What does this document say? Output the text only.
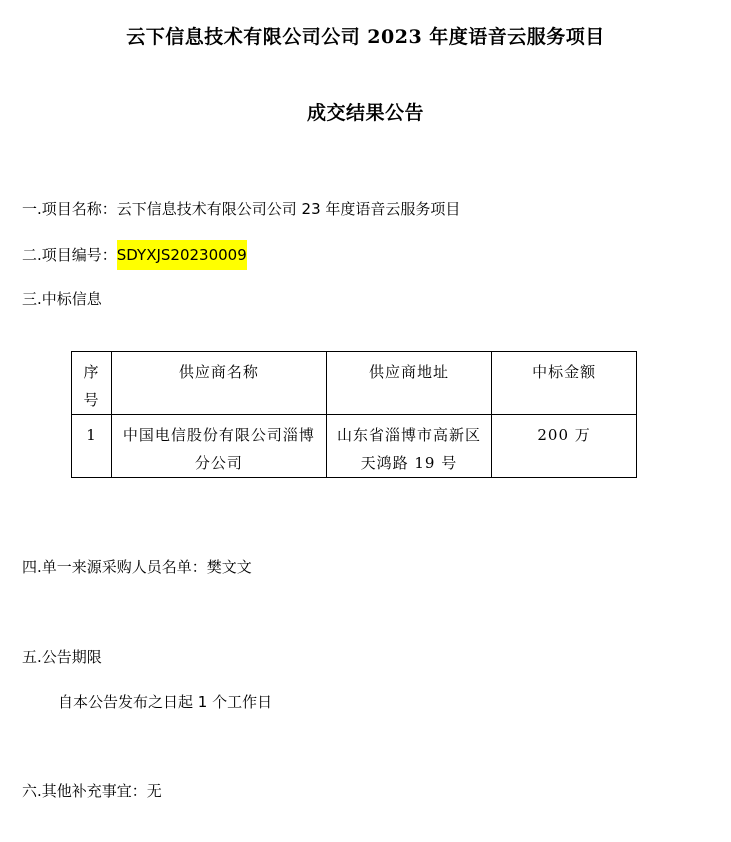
云下信息技术有限公司公司 2023 年度语音云服务项目
成交结果公告
一.项目名称：云下信息技术有限公司公司 23 年度语音云服务项目
二.项目编号：SDYXJS20230009
三.中标信息
序号	供应商名称	供应商地址	中标金额
1	中国电信股份有限公司淄博分公司	山东省淄博市高新区天鸿路 19 号	200 万
四.单一来源采购人员名单：樊文文
五.公告期限
自本公告发布之日起 1 个工作日
六.其他补充事宜：无
